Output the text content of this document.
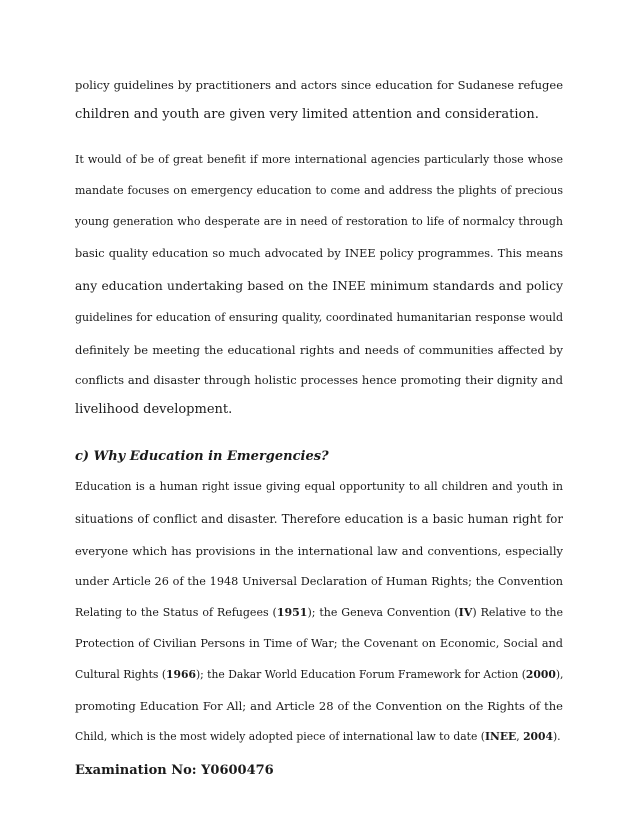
policy guidelines by practitioners and actors since education for Sudanese refugee
children and youth are given very limited attention and consideration.
It would of be of great benefit if more international agencies particularly those whose
mandate focuses on emergency education to come and address the plights of precious
young generation who desperate are in need of restoration to life of normalcy through
basic quality education so much advocated by INEE policy programmes. This means
any education undertaking based on the INEE minimum standards and policy
guidelines for education of ensuring quality, coordinated humanitarian response would
definitely be meeting the educational rights and needs of communities affected by
conflicts and disaster through holistic processes hence promoting their dignity and
livelihood development.
c) Why Education in Emergencies?
Education is a human right issue giving equal opportunity to all children and youth in
situations of conflict and disaster. Therefore education is a basic human right for
everyone which has provisions in the international law and conventions, especially
under Article 26 of the 1948 Universal Declaration of Human Rights; the Convention
Relating to the Status of Refugees (1951); the Geneva Convention (IV) Relative to the
Protection of Civilian Persons in Time of War; the Covenant on Economic, Social and
Cultural Rights (1966); the Dakar World Education Forum Framework for Action (2000),
promoting Education For All; and Article 28 of the Convention on the Rights of the
Child, which is the most widely adopted piece of international law to date (INEE, 2004).
Examination No: Y0600476
